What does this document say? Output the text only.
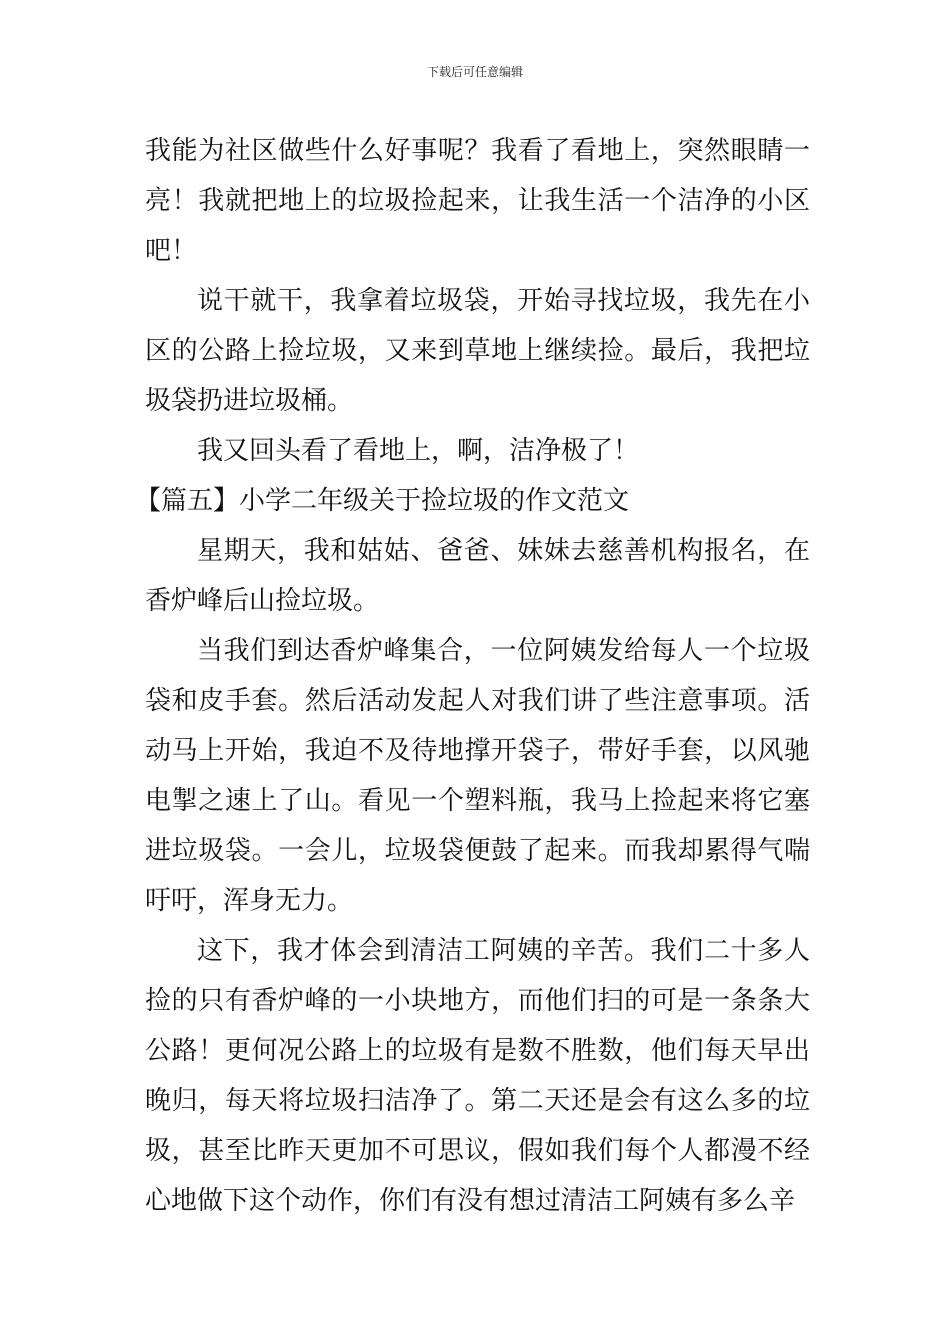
下载后可任意编辑

我能为社区做些什么好事呢？我看了看地上，突然眼睛一亮！我就把地上的垃圾捡起来，让我生活一个洁净的小区吧！

说干就干，我拿着垃圾袋，开始寻找垃圾，我先在小区的公路上捡垃圾，又来到草地上继续捡。最后，我把垃圾袋扔进垃圾桶。

我又回头看了看地上，啊，洁净极了！

【篇五】小学二年级关于捡垃圾的作文范文

星期天，我和姑姑、爸爸、妹妹去慈善机构报名，在香炉峰后山捡垃圾。

当我们到达香炉峰集合，一位阿姨发给每人一个垃圾袋和皮手套。然后活动发起人对我们讲了些注意事项。活动马上开始，我迫不及待地撑开袋子，带好手套，以风驰电掣之速上了山。看见一个塑料瓶，我马上捡起来将它塞进垃圾袋。一会儿，垃圾袋便鼓了起来。而我却累得气喘吁吁，浑身无力。

这下，我才体会到清洁工阿姨的辛苦。我们二十多人捡的只有香炉峰的一小块地方，而他们扫的可是一条条大公路！更何况公路上的垃圾有是数不胜数，他们每天早出晚归，每天将垃圾扫洁净了。第二天还是会有这么多的垃圾，甚至比昨天更加不可思议，假如我们每个人都漫不经心地做下这个动作，你们有没有想过清洁工阿姨有多么辛
